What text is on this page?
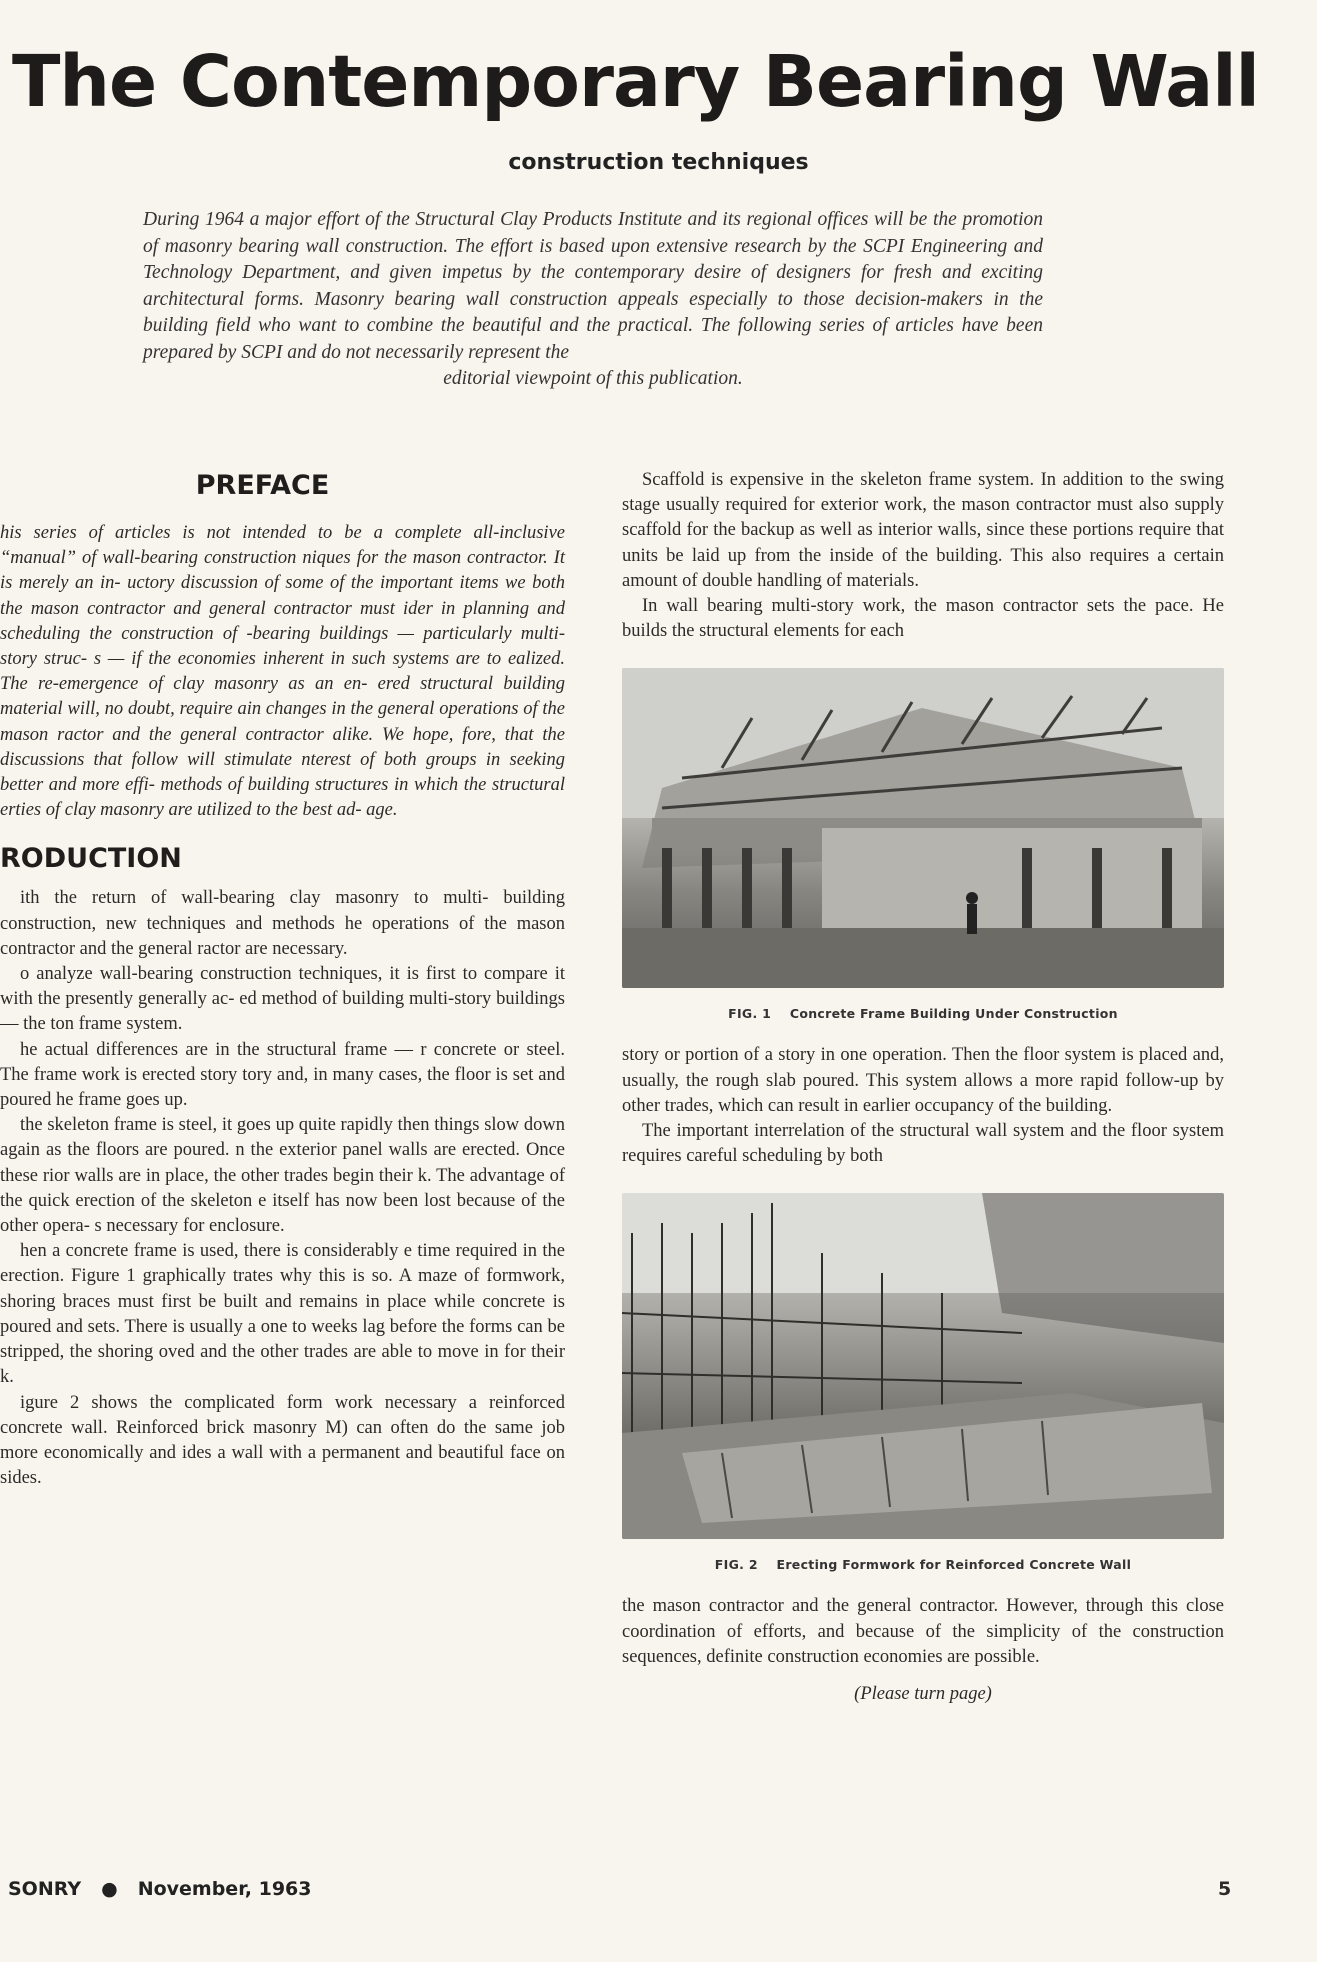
The Contemporary Bearing Wall
construction techniques

During 1964 a major effort of the Structural Clay Products Institute and its regional offices will be the promotion of masonry bearing wall construction. The effort is based upon extensive research by the SCPI Engineering and Technology Department, and given impetus by the contemporary desire of designers for fresh and exciting architectural forms. Masonry bearing wall construction appeals especially to those decision-makers in the building field who want to combine the beautiful and the practical. The following series of articles have been prepared by SCPI and do not necessarily represent the
editorial viewpoint of this publication.

PREFACE

his series of articles is not intended to be a complete all-inclusive “manual” of wall-bearing construction niques for the mason contractor. It is merely an in- uctory discussion of some of the important items we both the mason contractor and general contractor must ider in planning and scheduling the construction of -bearing buildings — particularly multi-story struc- s — if the economies inherent in such systems are to ealized. The re-emergence of clay masonry as an en- ered structural building material will, no doubt, require ain changes in the general operations of the mason ractor and the general contractor alike. We hope, fore, that the discussions that follow will stimulate nterest of both groups in seeking better and more effi- methods of building structures in which the structural erties of clay masonry are utilized to the best ad- age.

RODUCTION

ith the return of wall-bearing clay masonry to multi- building construction, new techniques and methods he operations of the mason contractor and the general ractor are necessary.

o analyze wall-bearing construction techniques, it is first to compare it with the presently generally ac- ed method of building multi-story buildings — the ton frame system.

he actual differences are in the structural frame — r concrete or steel. The frame work is erected story tory and, in many cases, the floor is set and poured he frame goes up.

the skeleton frame is steel, it goes up quite rapidly then things slow down again as the floors are poured. n the exterior panel walls are erected. Once these rior walls are in place, the other trades begin their k. The advantage of the quick erection of the skeleton e itself has now been lost because of the other opera- s necessary for enclosure.

hen a concrete frame is used, there is considerably e time required in the erection. Figure 1 graphically trates why this is so. A maze of formwork, shoring braces must first be built and remains in place while concrete is poured and sets. There is usually a one to weeks lag before the forms can be stripped, the shoring oved and the other trades are able to move in for their k.

igure 2 shows the complicated form work necessary a reinforced concrete wall. Reinforced brick masonry M) can often do the same job more economically and ides a wall with a permanent and beautiful face on sides.

Scaffold is expensive in the skeleton frame system. In addition to the swing stage usually required for exterior work, the mason contractor must also supply scaffold for the backup as well as interior walls, since these portions require that units be laid up from the inside of the building. This also requires a certain amount of double handling of materials.

In wall bearing multi-story work, the mason contractor sets the pace. He builds the structural elements for each

FIG. 1 Concrete Frame Building Under Construction

story or portion of a story in one operation. Then the floor system is placed and, usually, the rough slab poured. This system allows a more rapid follow-up by other trades, which can result in earlier occupancy of the building.

The important interrelation of the structural wall system and the floor system requires careful scheduling by both

FIG. 2 Erecting Formwork for Reinforced Concrete Wall

the mason contractor and the general contractor. However, through this close coordination of efforts, and because of the simplicity of the construction sequences, definite construction economies are possible.

(Please turn page)
SONRY ● November, 1963	5
